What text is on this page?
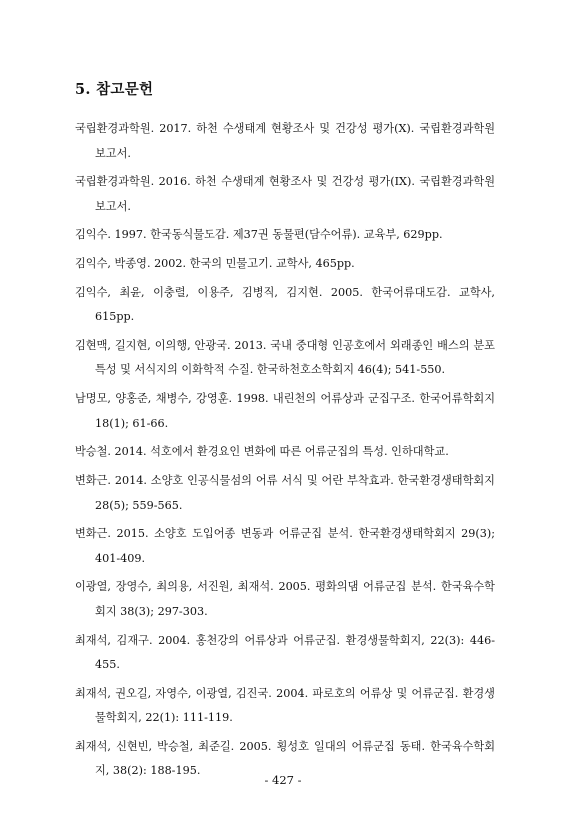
5. 참고문헌

국립환경과학원. 2017. 하천 수생태계 현황조사 및 건강성 평가(X). 국립환경과학원 보고서.

국립환경과학원. 2016. 하천 수생태계 현황조사 및 건강성 평가(IX). 국립환경과학원 보고서.

김익수. 1997. 한국동식물도감. 제37권 동물편(담수어류). 교육부, 629pp.

김익수, 박종영. 2002. 한국의 민물고기. 교학사, 465pp.

김익수, 최윤, 이충렬, 이용주, 김병직, 김지현. 2005. 한국어류대도감. 교학사, 615pp.

김현맥, 길지현, 이의행, 안광국. 2013. 국내 중대형 인공호에서 외래종인 배스의 분포특성 및 서식지의 이화학적 수질. 한국하천호소학회지 46(4); 541-550.

남명모, 양홍준, 채병수, 강영훈. 1998. 내린천의 어류상과 군집구조. 한국어류학회지 18(1); 61-66.

박승철. 2014. 석호에서 환경요인 변화에 따른 어류군집의 특성. 인하대학교.

변화근. 2014. 소양호 인공식물섬의 어류 서식 및 어란 부착효과. 한국환경생태학회지 28(5); 559-565.

변화근. 2015. 소양호 도입어종 변동과 어류군집 분석. 한국환경생태학회지 29(3); 401-409.

이광열, 장영수, 최의용, 서진원, 최재석. 2005. 평화의댐 어류군집 분석. 한국육수학회지 38(3); 297-303.

최재석, 김재구. 2004. 홍천강의 어류상과 어류군집. 환경생물학회지, 22(3): 446-455.

최재석, 권오길, 자영수, 이광열, 김진국. 2004. 파로호의 어류상 및 어류군집. 환경생물학회지, 22(1): 111-119.

최재석, 신현빈, 박승철, 최준길. 2005. 횡성호 일대의 어류군집 동태. 한국육수학회지, 38(2): 188-195.

- 427 -
